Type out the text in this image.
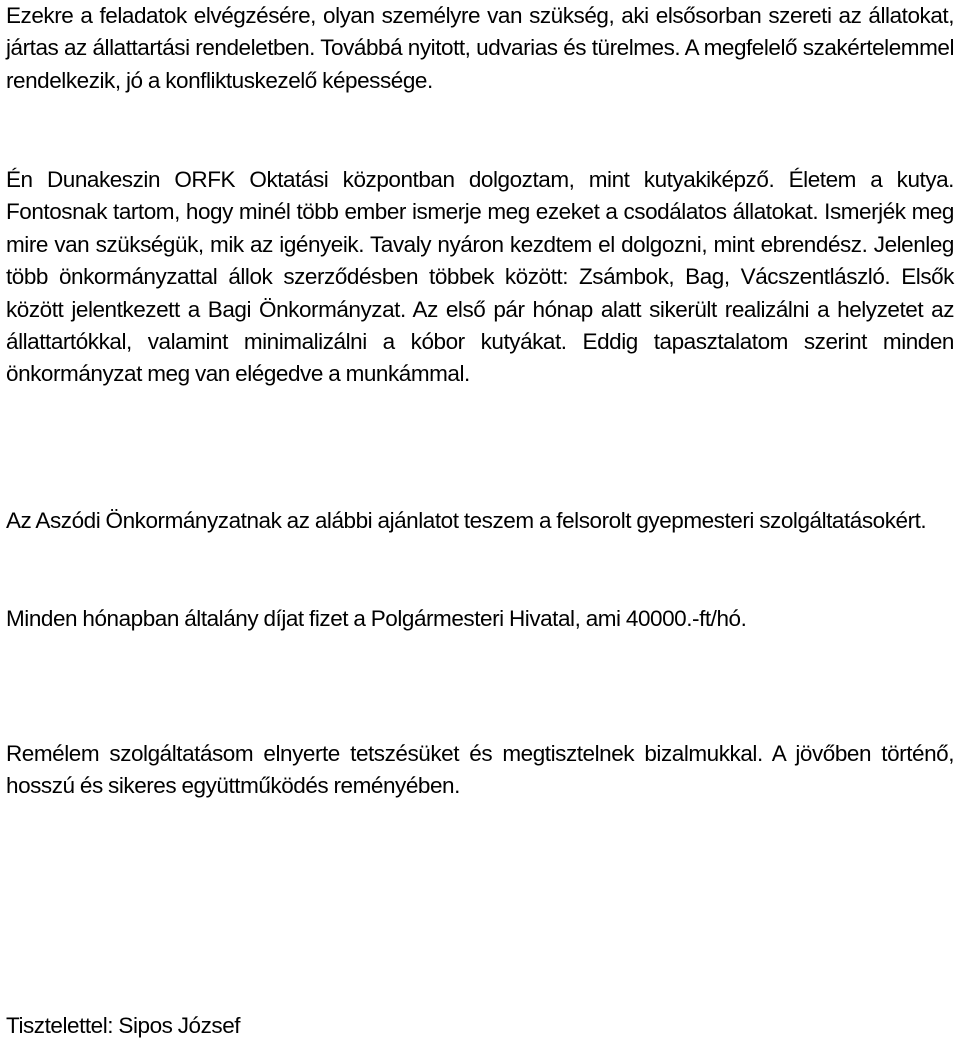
Ezekre a feladatok elvégzésére, olyan személyre van szükség, aki elsősorban szereti az állatokat, jártas az állattartási rendeletben. Továbbá nyitott, udvarias és türelmes. A megfelelő szakértelemmel rendelkezik, jó a konfliktuskezelő képessége.

Én Dunakeszin ORFK Oktatási központban dolgoztam, mint kutyakiképző. Életem a kutya. Fontosnak tartom, hogy minél több ember ismerje meg ezeket a csodálatos állatokat. Ismerjék meg mire van szükségük, mik az igényeik. Tavaly nyáron kezdtem el dolgozni, mint ebrendész. Jelenleg több önkormányzattal állok szerződésben többek között: Zsámbok, Bag, Vácszentlászló. Elsők között jelentkezett a Bagi Önkormányzat. Az első pár hónap alatt sikerült realizálni a helyzetet az állattartókkal, valamint minimalizálni a kóbor kutyákat. Eddig tapasztalatom szerint minden önkormányzat meg van elégedve a munkámmal.

Az Aszódi Önkormányzatnak az alábbi ajánlatot teszem a felsorolt gyepmesteri szolgáltatásokért.

Minden hónapban általány díjat fizet a Polgármesteri Hivatal, ami 40000.-ft/hó.

Remélem szolgáltatásom elnyerte tetszésüket és megtisztelnek bizalmukkal. A jövőben történő, hosszú és sikeres együttműködés reményében.

Tisztelettel: Sipos József
